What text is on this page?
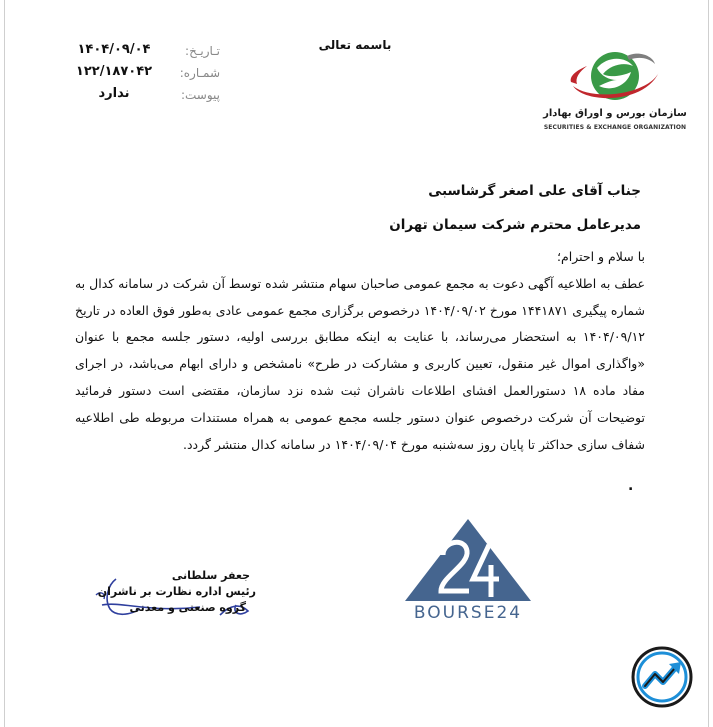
باسمه تعالی
تـاریـخ:
۱۴۰۴/۰۹/۰۴
شمـاره:
۱۲۲/۱۸۷۰۴۲
پیوست:
ندارد
سازمان بورس و اوراق بهادار
SECURITIES & EXCHANGE ORGANIZATION
جناب آقای علی اصغر گرشاسبی
مدیرعامل محترم شرکت سیمان تهران

با سلام و احترام؛

عطف به اطلاعیه آگهی دعوت به مجمع عمومی صاحبان سهام منتشر شده توسط آن شرکت در سامانه کدال به شماره پیگیری ۱۴۴۱۸۷۱ مورخ ۱۴۰۴/۰۹/۰۲ درخصوص برگزاری مجمع عمومی عادی به‌طور فوق العاده در تاریخ ۱۴۰۴/۰۹/۱۲ به استحضار می‌رساند، با عنایت به اینکه مطابق بررسی اولیه، دستور جلسه مجمع با عنوان «واگذاری اموال غیر منقول، تعیین کاربری و مشارکت در طرح» نامشخص و دارای ابهام می‌باشد، در اجرای مفاد ماده ۱۸ دستورالعمل افشای اطلاعات ناشران ثبت شده نزد سازمان، مقتضی است دستور فرمائید توضیحات آن شرکت درخصوص عنوان دستور جلسه مجمع عمومی به همراه مستندات مربوطه طی اطلاعیه شفاف سازی حداکثر تا پایان روز سه‌شنبه مورخ ۱۴۰۴/۰۹/۰۴ در سامانه کدال منتشر گردد.

.
BOURSE24
جعفر سلطانی
رئیس اداره نظارت بر ناشران
گروه صنعتی و معدنی
